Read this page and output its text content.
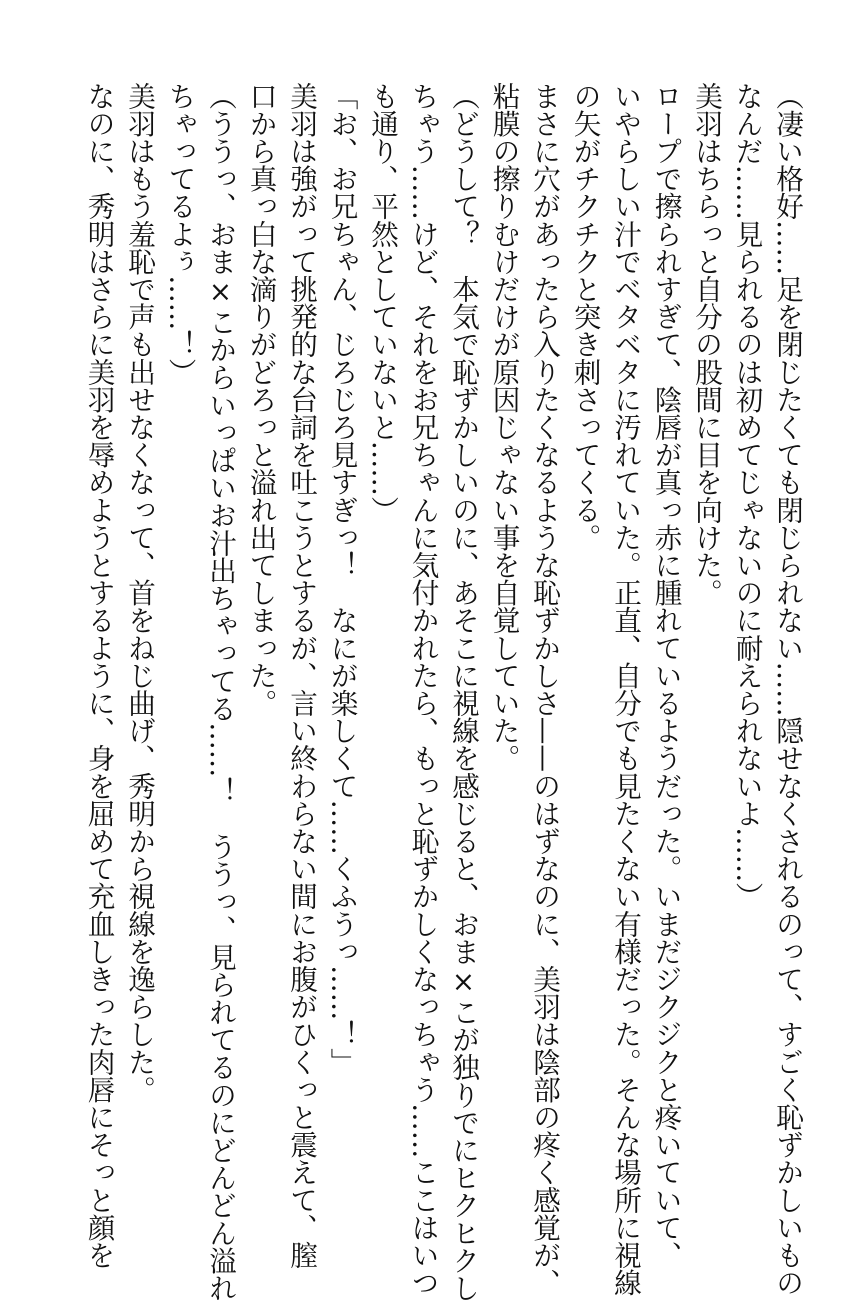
（凄い格好……足を閉じたくても閉じられない……隠せなくされるのって、すごく恥ずかしいもの
なんだ……見られるのは初めてじゃないのに耐えられないよ……）
美羽はちらっと自分の股間に目を向けた。
ロープで擦られすぎて、陰唇が真っ赤に腫れているようだった。いまだジクジクと疼いていて、
いやらしい汁でベタベタに汚れていた。正直、自分でも見たくない有様だった。そんな場所に視線
の矢がチクチクと突き刺さってくる。
まさに穴があったら入りたくなるような恥ずかしさ——のはずなのに、美羽は陰部の疼く感覚が、
粘膜の擦りむけだけが原因じゃない事を自覚していた。
（どうして？　本気で恥ずかしいのに、あそこに視線を感じると、おま×こが独りでにヒクヒクし
ちゃう……けど、それをお兄ちゃんに気付かれたら、もっと恥ずかしくなっちゃう……ここはいつ
も通り、平然としていないと……）
「お、お兄ちゃん、じろじろ見すぎっ！　なにが楽しくて……くふうっ……！」
美羽は強がって挑発的な台詞を吐こうとするが、言い終わらない間にお腹がひくっと震えて、膣
口から真っ白な滴りがどろっと溢れ出てしまった。
（ううっ、おま×こからいっぱいお汁出ちゃってる……！　ううっ、見られてるのにどんどん溢れ
ちゃってるよぅ……！）
美羽はもう羞恥で声も出せなくなって、首をねじ曲げ、秀明から視線を逸らした。
なのに、秀明はさらに美羽を辱めようとするように、身を屈めて充血しきった肉唇にそっと顔を
